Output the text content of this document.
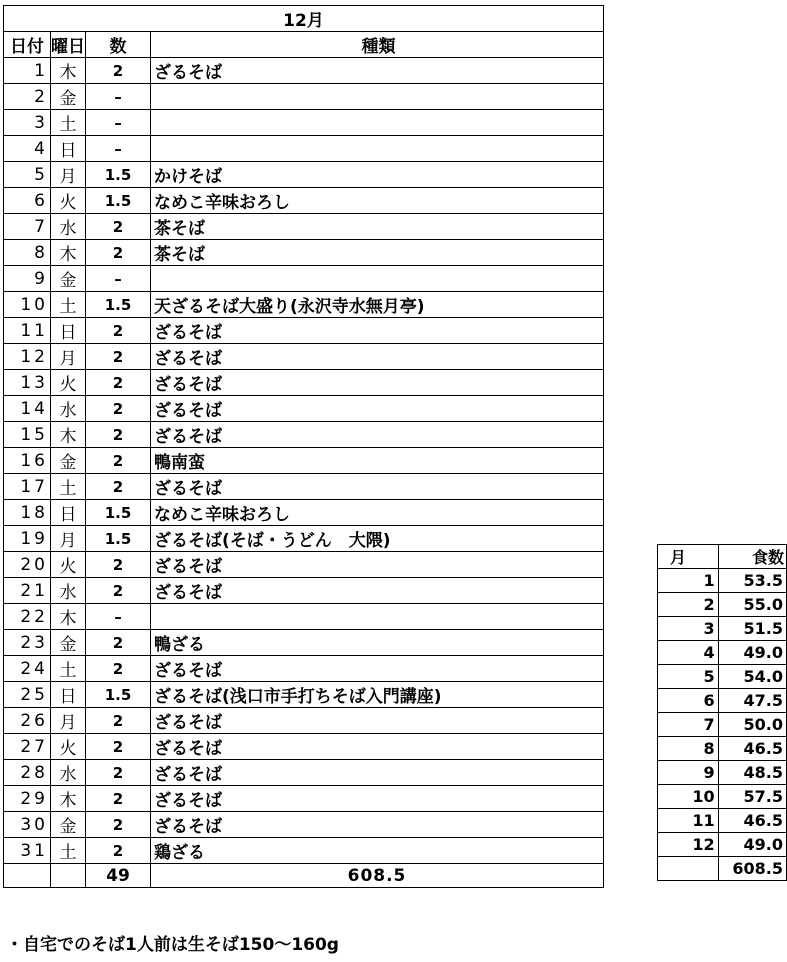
12月			
日付	曜日	数	種類
1	木	2	ざるそば
2	金	–	
3	土	–	
4	日	–	
5	月	1.5	かけそば
6	火	1.5	なめこ辛味おろし
7	水	2	茶そば
8	木	2	茶そば
9	金	–	
10	土	1.5	天ざるそば大盛り(永沢寺水無月亭)
11	日	2	ざるそば
12	月	2	ざるそば
13	火	2	ざるそば
14	水	2	ざるそば
15	木	2	ざるそば
16	金	2	鴨南蛮
17	土	2	ざるそば
18	日	1.5	なめこ辛味おろし
19	月	1.5	ざるそば(そば・うどん　大隈)
20	火	2	ざるそば
21	水	2	ざるそば
22	木	–	
23	金	2	鴨ざる
24	土	2	ざるそば
25	日	1.5	ざるそば(浅口市手打ちそば入門講座)
26	月	2	ざるそば
27	火	2	ざるそば
28	水	2	ざるそば
29	木	2	ざるそば
30	金	2	ざるそば
31	土	2	鶏ざる
		49	608.5
月	食数
1	53.5
2	55.0
3	51.5
4	49.0
5	54.0
6	47.5
7	50.0
8	46.5
9	48.5
10	57.5
11	46.5
12	49.0
	608.5
・自宅でのそば1人前は生そば150〜160g
